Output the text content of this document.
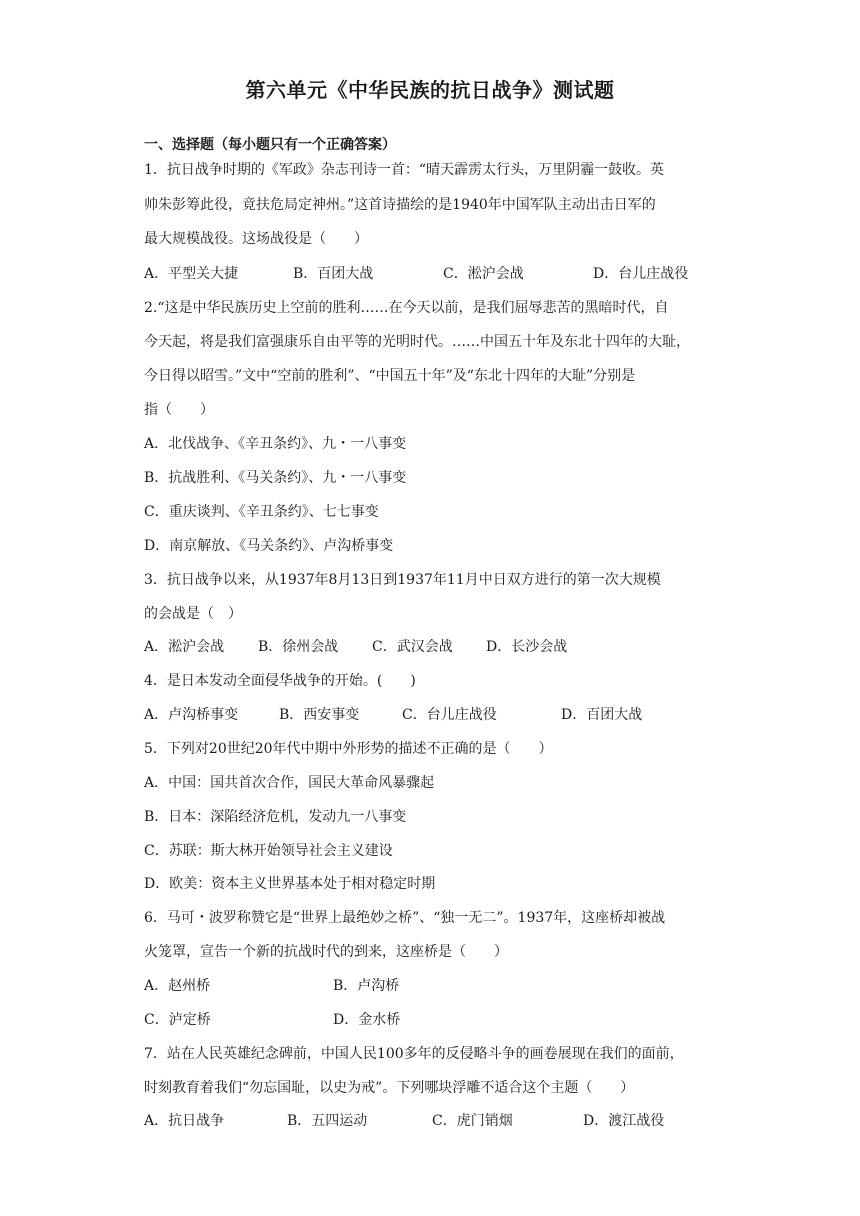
第六单元《中华民族的抗日战争》测试题
一、选择题（每小题只有一个正确答案）
1．抗日战争时期的《军政》杂志刊诗一首：“晴天霹雳太行头，万里阴霾一鼓收。英
帅朱彭筹此役，竟扶危局定神州。”这首诗描绘的是1940年中国军队主动出击日军的
最大规模战役。这场战役是（　　）
A．平型关大捷	B．百团大战	C．淞沪会战	D．台儿庄战役
2.“这是中华民族历史上空前的胜利……在今天以前，是我们屈辱悲苦的黑暗时代，自
今天起，将是我们富强康乐自由平等的光明时代。……中国五十年及东北十四年的大耻，
今日得以昭雪。”文中“空前的胜利”、“中国五十年”及“东北十四年的大耻”分别是
指（　　）
A．北伐战争、《辛丑条约》、九・一八事变
B．抗战胜利、《马关条约》、九・一八事变
C．重庆谈判、《辛丑条约》、七七事变
D．南京解放、《马关条约》、卢沟桥事变
3．抗日战争以来，从1937年8月13日到1937年11月中日双方进行的第一次大规模
的会战是（　）
A．淞沪会战 B．徐州会战 C．武汉会战 D．长沙会战
4．是日本发动全面侵华战争的开始。(　　)
A．卢沟桥事变	B．西安事变	C．台儿庄战役	D．百团大战
5．下列对20世纪20年代中期中外形势的描述不正确的是（　　）
A．中国：国共首次合作，国民大革命风暴骤起
B．日本：深陷经济危机，发动九一八事变
C．苏联：斯大林开始领导社会主义建设
D．欧美：资本主义世界基本处于相对稳定时期
6．马可・波罗称赞它是“世界上最绝妙之桥”、“独一无二”。1937年，这座桥却被战
火笼罩，宣告一个新的抗战时代的到来，这座桥是（　　）
A．赵州桥	B．卢沟桥
C．泸定桥	D．金水桥
7．站在人民英雄纪念碑前，中国人民100多年的反侵略斗争的画卷展现在我们的面前，
时刻教育着我们“勿忘国耻，以史为戒”。下列哪块浮雕不适合这个主题（　　）
A．抗日战争	B．五四运动	C．虎门销烟	D．渡江战役
